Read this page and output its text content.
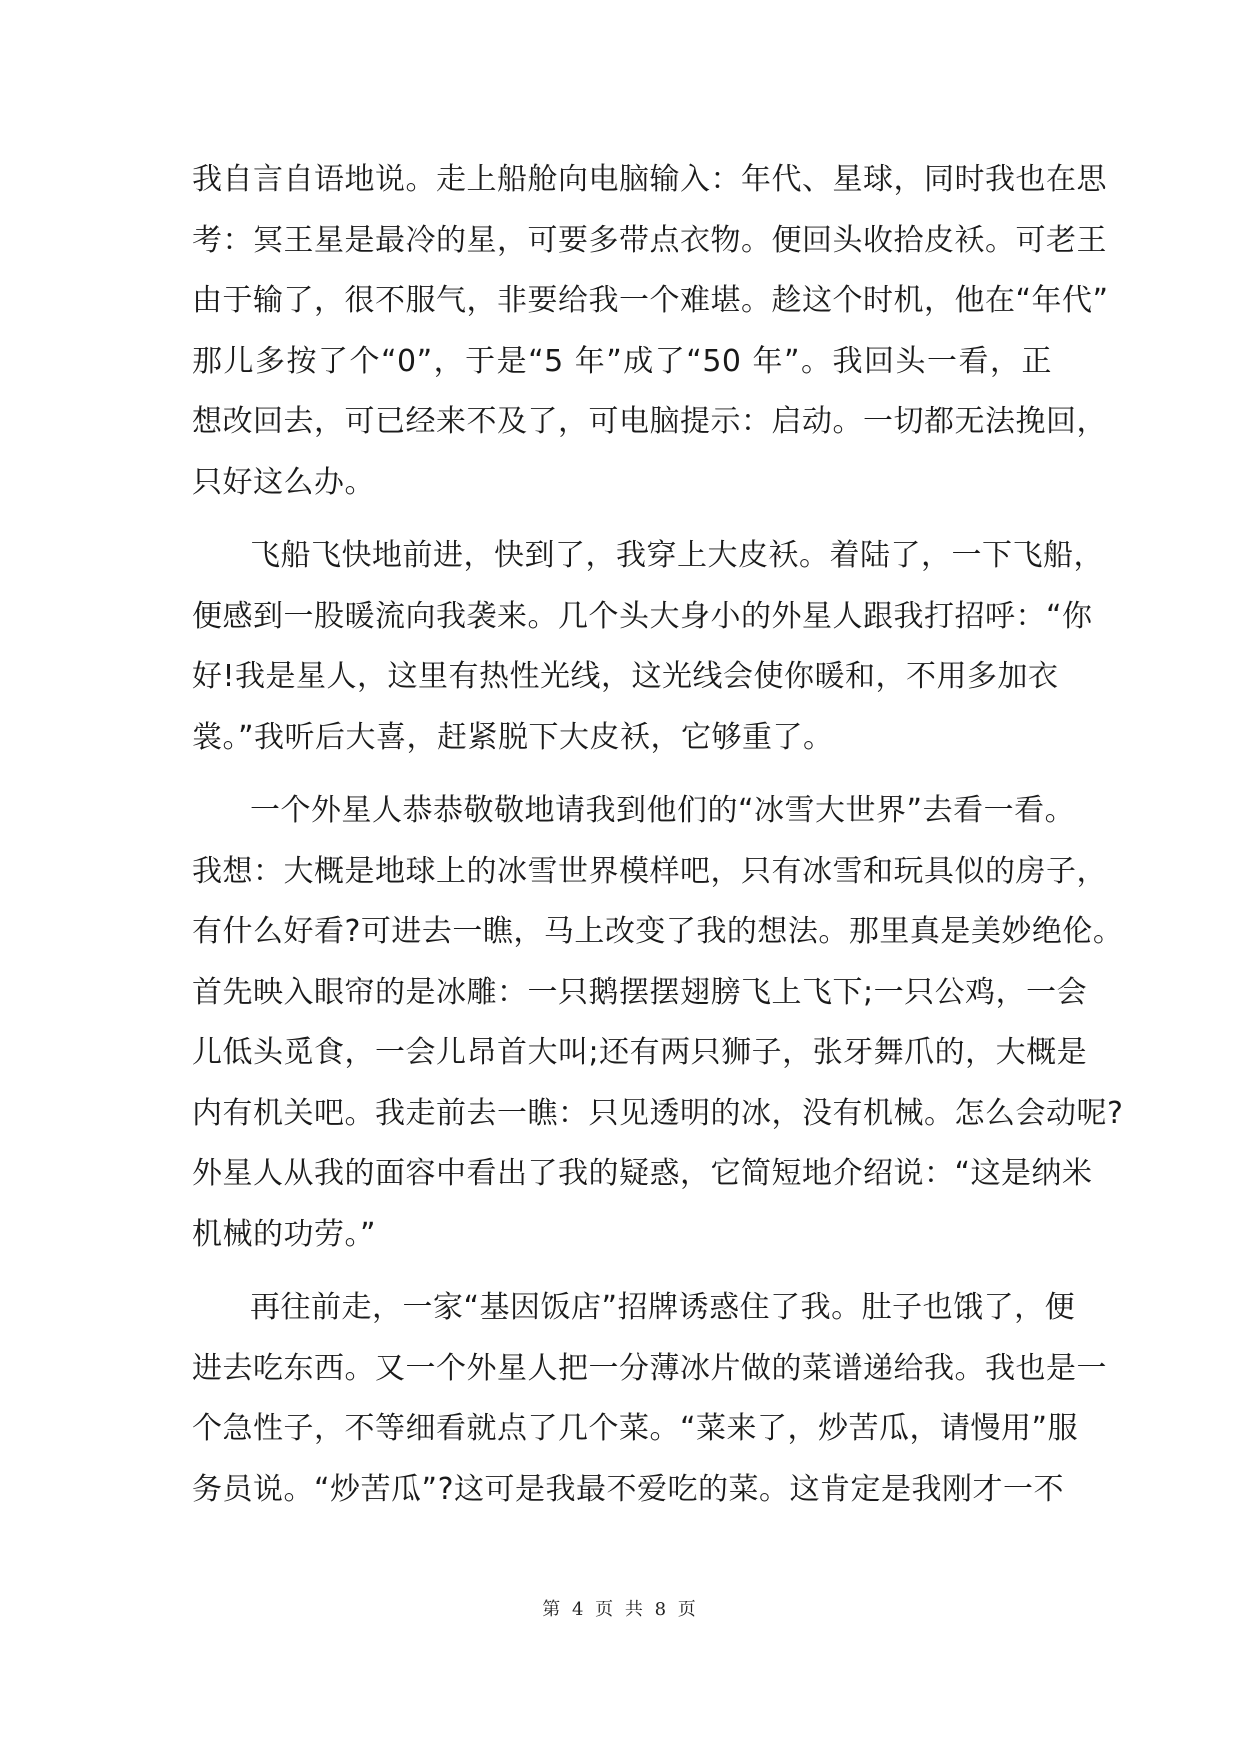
我自言自语地说。走上船舱向电脑输入：年代、星球，同时我也在思
考：冥王星是最冷的星，可要多带点衣物。便回头收拾皮袄。可老王
由于输了，很不服气，非要给我一个难堪。趁这个时机，他在“年代”
那儿多按了个“0”，于是“5 年”成了“50 年”。我回头一看，正
想改回去，可已经来不及了，可电脑提示：启动。一切都无法挽回，
只好这么办。
飞船飞快地前进，快到了，我穿上大皮袄。着陆了，一下飞船，
便感到一股暖流向我袭来。几个头大身小的外星人跟我打招呼：“你
好!我是星人，这里有热性光线，这光线会使你暖和，不用多加衣
裳。”我听后大喜，赶紧脱下大皮袄，它够重了。
一个外星人恭恭敬敬地请我到他们的“冰雪大世界”去看一看。
我想：大概是地球上的冰雪世界模样吧，只有冰雪和玩具似的房子，
有什么好看?可进去一瞧，马上改变了我的想法。那里真是美妙绝伦。
首先映入眼帘的是冰雕：一只鹅摆摆翅膀飞上飞下;一只公鸡，一会
儿低头觅食，一会儿昂首大叫;还有两只狮子，张牙舞爪的，大概是
内有机关吧。我走前去一瞧：只见透明的冰，没有机械。怎么会动呢?
外星人从我的面容中看出了我的疑惑，它简短地介绍说：“这是纳米
机械的功劳。”
再往前走，一家“基因饭店”招牌诱惑住了我。肚子也饿了，便
进去吃东西。又一个外星人把一分薄冰片做的菜谱递给我。我也是一
个急性子，不等细看就点了几个菜。“菜来了，炒苦瓜，请慢用”服
务员说。“炒苦瓜”?这可是我最不爱吃的菜。这肯定是我刚才一不
第 4 页 共 8 页
